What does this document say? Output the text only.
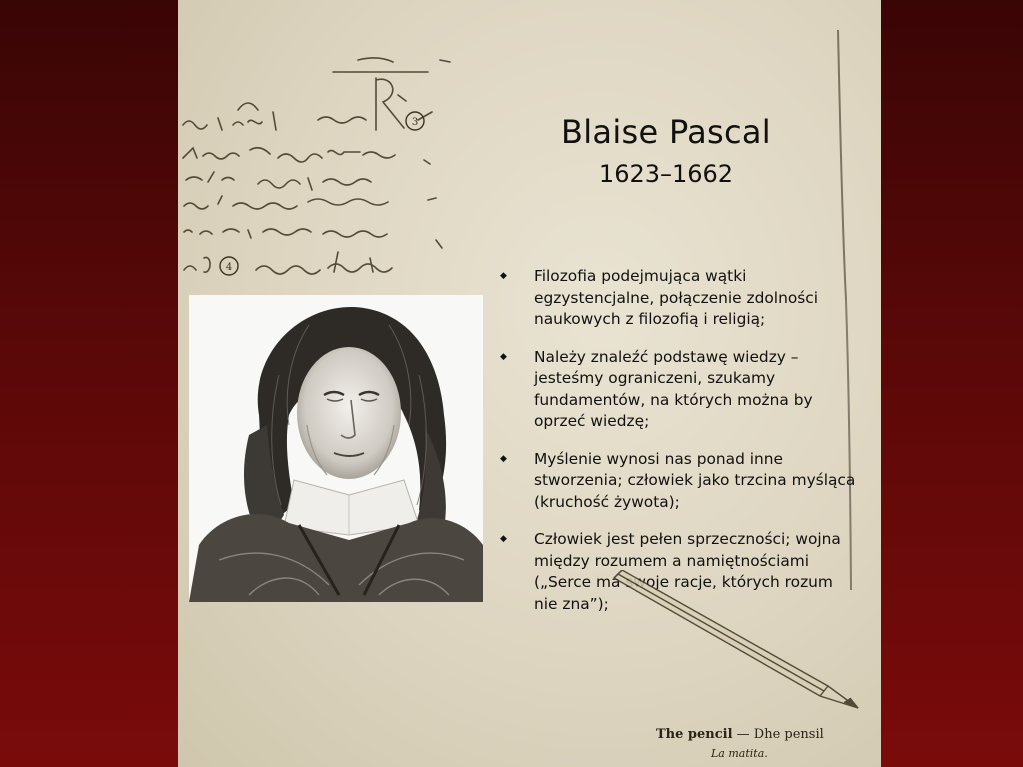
3
4
Blaise Pascal
1623–1662
◆ Filozofia podejmująca wątki egzystencjalne, połączenie zdolności naukowych z filozofią i religią;
◆ Należy znaleźć podstawę wiedzy – jesteśmy ograniczeni, szukamy fundamentów, na których można by oprzeć wiedzę;
◆ Myślenie wynosi nas ponad inne stworzenia; człowiek jako trzcina myśląca (kruchość żywota);
◆ Człowiek jest pełen sprzeczności; wojna między rozumem a namiętnościami („Serce ma swoje racje, których rozum nie zna”);
The pencil — Dhe pensil
La matita.
